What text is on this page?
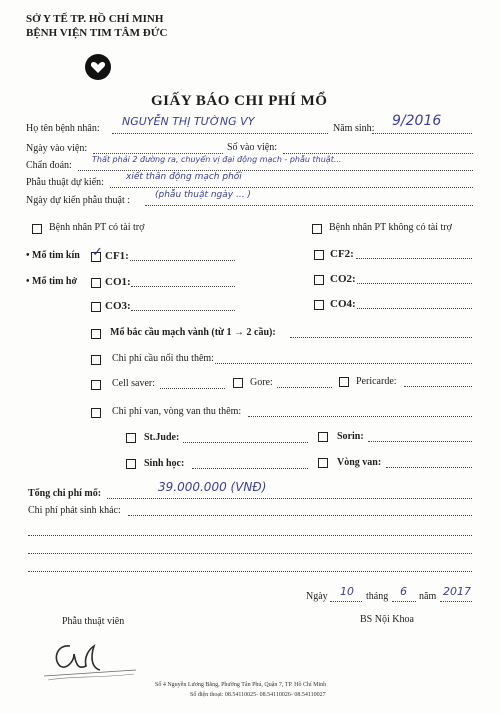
SỞ Y TẾ TP. HỒ CHÍ MINH
BỆNH VIỆN TIM TÂM ĐỨC
GIẤY BÁO CHI PHÍ MỔ
Họ tên bệnh nhân:
NGUYỄN THỊ TƯỜNG VY
Năm sinh: 9/2016
Ngày vào viện:	Số vào viện:
Chẩn đoán:
Thất phải 2 đường ra, chuyển vị đại động mạch - phẫu thuật...
Phẫu thuật dự kiến: xiết thân động mạch phổi
Ngày dự kiến phẫu thuật :	(phẫu thuật ngày ... )
Bệnh nhân PT có tài trợ	Bệnh nhân PT không có tài trợ
• Mổ tim kín ✓ CF1:	CF2:
• Mổ tim hở	CO1:	CO2:
CO3:	CO4:
Mổ bắc cầu mạch vành (từ 1 → 2 cầu):
Chi phí cầu nối thu thêm:
Cell saver:	Gore:	Pericarde:
Chi phí van, vòng van thu thêm:
St.Jude:	Sorin:
Sinh học:	Vòng van:
Tổng chi phí mổ:	39.000.000 (VNĐ)
Chi phí phát sinh khác:
Ngày 10 tháng 6 năm 2017
Phẫu thuật viên	BS Nội Khoa
Số 4 Nguyễn Lương Bằng, Phường Tân Phú, Quận 7, TP. Hồ Chí Minh
Số điện thoại: 08.54110025- 08.54110026- 08.54110027
